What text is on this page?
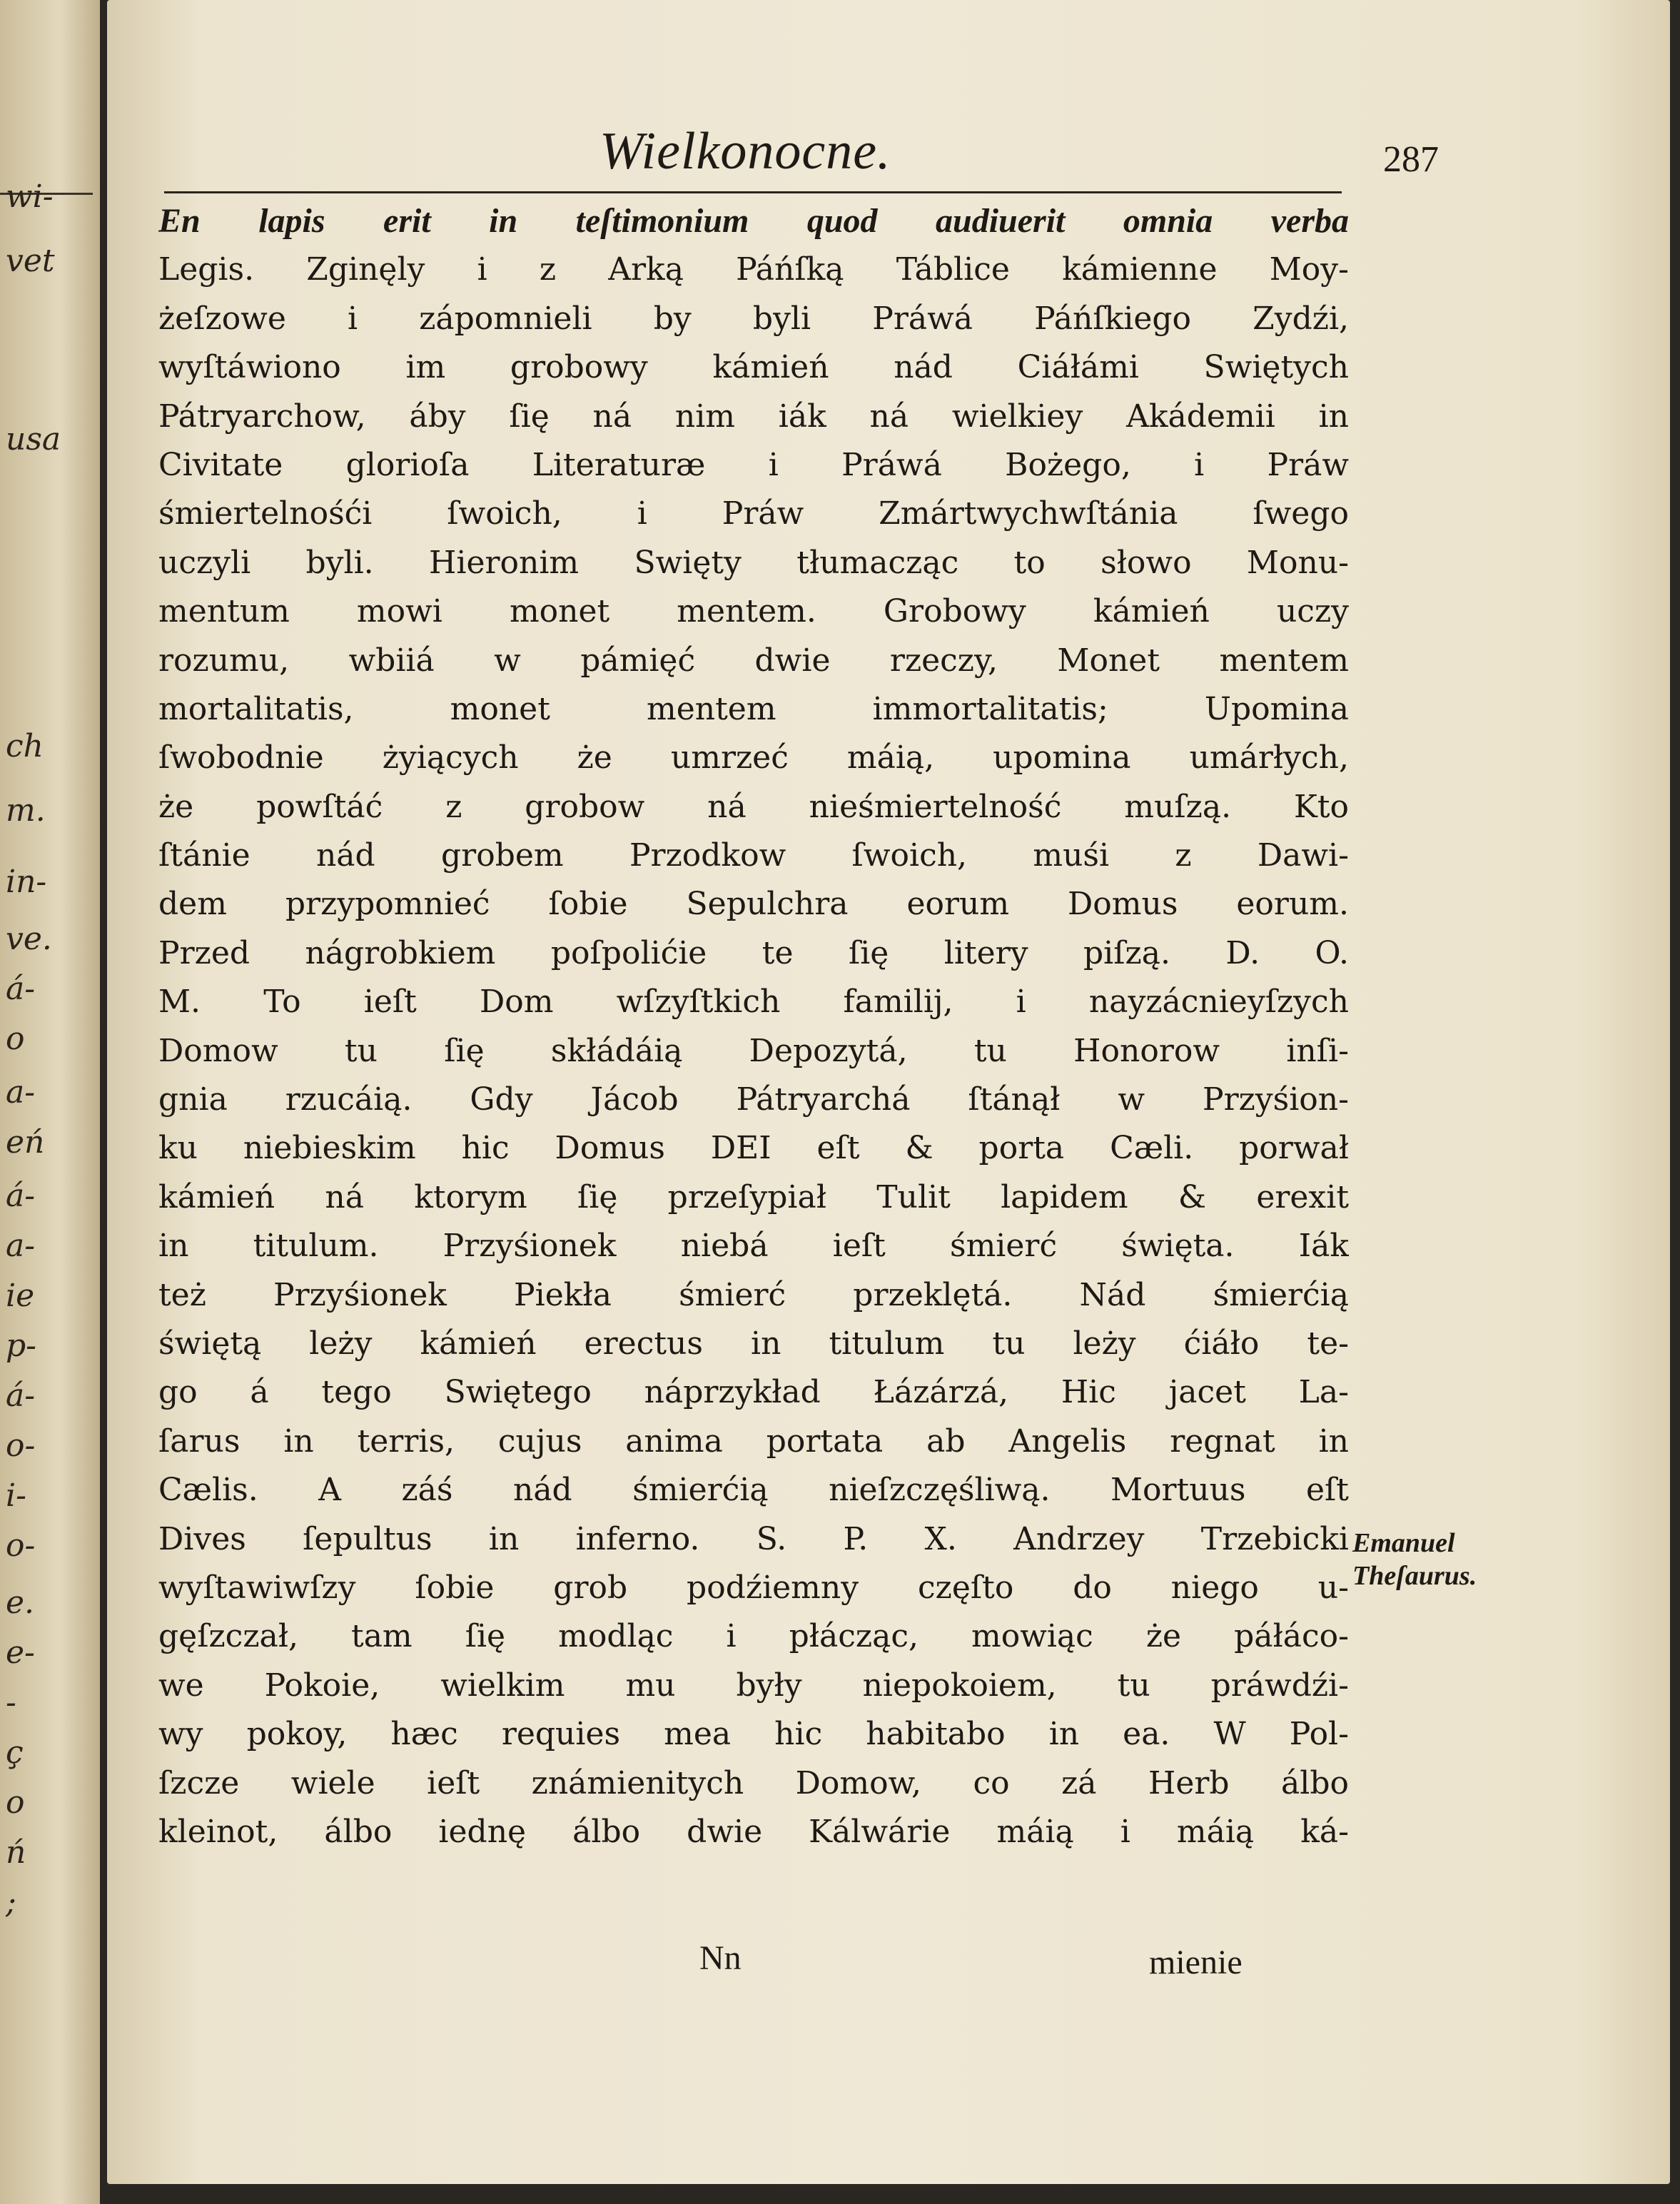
wi-
vet
usa
ch
m.
in-
ve.
á-
o
a-
eń
á-
a-
ie
p-
á-
o-
i-
o-
e.
e-
-
ç
o
ń
;
Wielkonocne.	287
En lapis erit in teſtimonium quod audiuerit omnia verba
Legis. Zginęly i z Arką Páńſką Táblice kámienne Moy-
żeſzowe i zápomnieli by byli Práwá Páńſkiego Zydźi,
wyſtáwiono im grobowy kámień nád Ciáłámi Swiętych
Pátryarchow, áby ſię ná nim iák ná wielkiey Akádemii in
Civitate glorioſa Literaturæ i Práwá Bożego, i Práw
śmiertelnośći ſwoich, i Práw Zmártwychwſtánia ſwego
uczyli byli. Hieronim Swięty tłumacząc to słowo Monu-
mentum mowi monet mentem. Grobowy kámień uczy
rozumu, wbiiá w pámięć dwie rzeczy, Monet mentem
mortalitatis, monet mentem immortalitatis; Upomina
ſwobodnie żyiących że umrzeć máią, upomina umárłych,
że powſtáć z grobow ná nieśmiertelność muſzą. Kto
ſtánie nád grobem Przodkow ſwoich, muśi z Dawi-
dem przypomnieć ſobie Sepulchra eorum Domus eorum.
Przed nágrobkiem poſpolićie te ſię litery piſzą. D. O.
M. To ieſt Dom wſzyſtkich familij, i nayzácnieyſzych
Domow tu ſię skłádáią Depozytá, tu Honorow inſi-
gnia rzucáią. Gdy Jácob Pátryarchá ſtánął w Przyśion-
ku niebieskim hic Domus DEI eſt & porta Cæli. porwał
kámień ná ktorym ſię przeſypiał Tulit lapidem & erexit
in titulum. Przyśionek niebá ieſt śmierć święta. Iák
też Przyśionek Piekła śmierć przeklętá. Nád śmierćią
świętą leży kámień erectus in titulum tu leży ćiáło te-
go á tego Swiętego náprzykład Łázárzá, Hic jacet La-
ſarus in terris, cujus anima portata ab Angelis regnat in
Cælis. A záś nád śmierćią nieſzczęśliwą. Mortuus eſt
Dives ſepultus in inferno. S. P. X. Andrzey Trzebicki
wyſtawiwſzy ſobie grob podźiemny częſto do niego u-
gęſzczał, tam ſię modląc i płácząc, mowiąc że páłáco-
we Pokoie, wielkim mu były niepokoiem, tu práwdźi-
wy pokoy, hæc requies mea hic habitabo in ea. W Pol-
ſzcze wiele ieſt známienitych Domow, co zá Herb álbo
kleinot, álbo iednę álbo dwie Kálwárie máią i máią ká-
Emanuel
Theſaurus.
Nn	mienie
